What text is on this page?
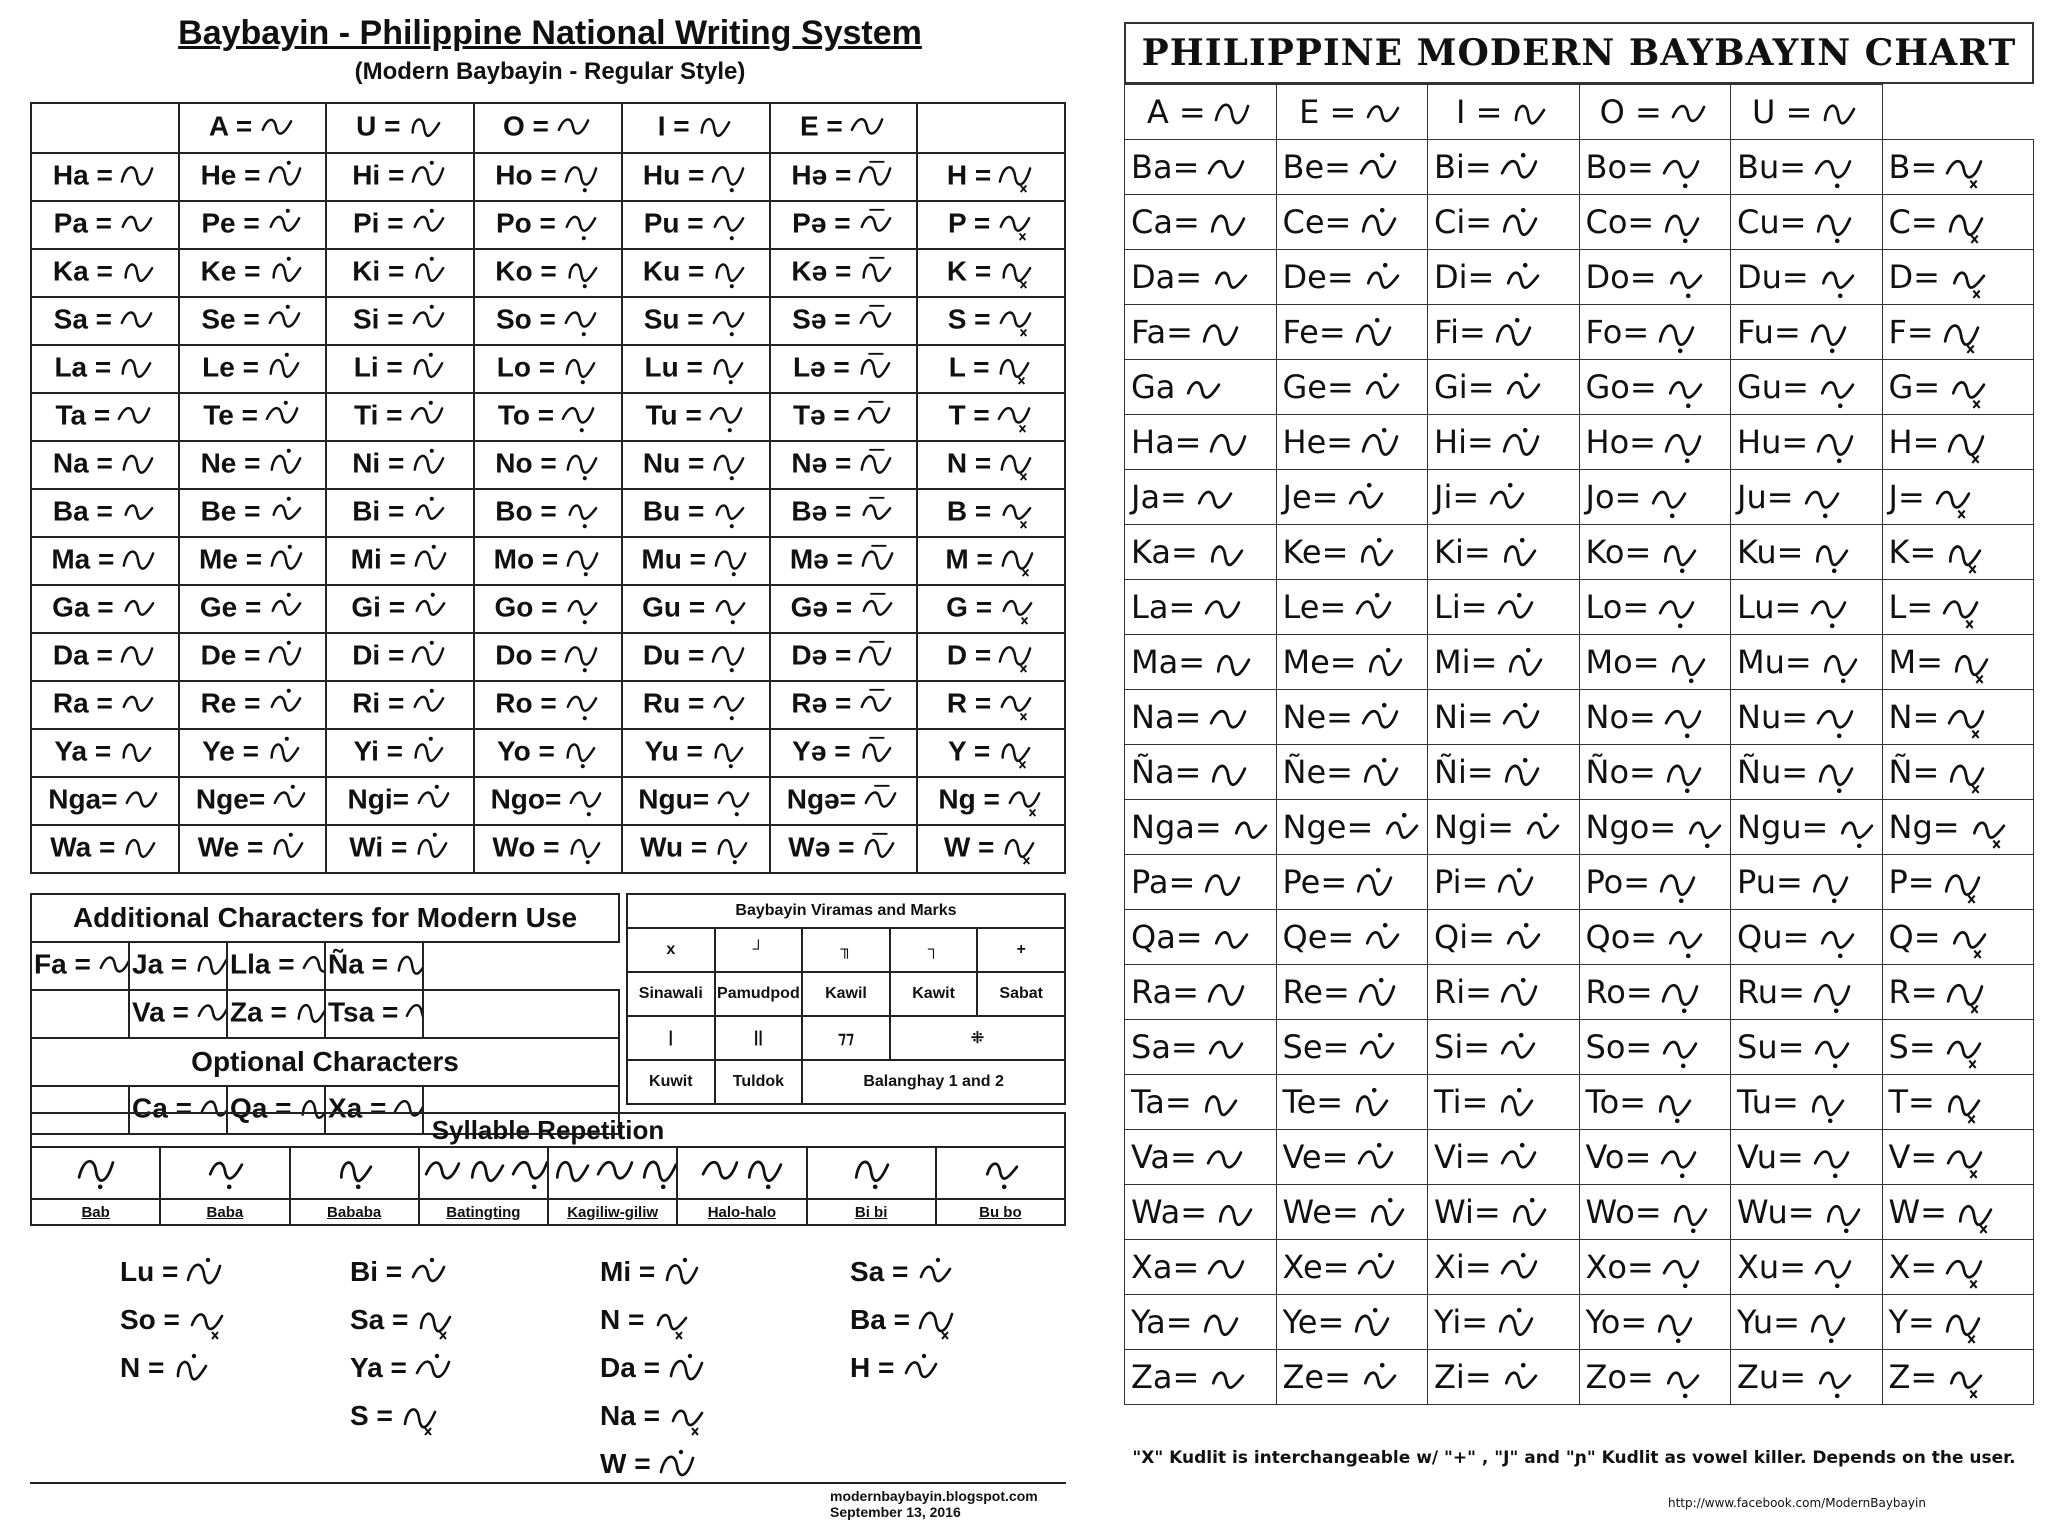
Baybayin - Philippine National Writing System
(Modern Baybayin - Regular Style)
	A =	U =	O =	I =	E =

Ha =	He =	Hi =	Ho =	Hu =	Hə =	H =

Pa =	Pe =	Pi =	Po =	Pu =	Pə =	P =

Ka =	Ke =	Ki =	Ko =	Ku =	Kə =	K =

Sa =	Se =	Si =	So =	Su =	Sə =	S =

La =	Le =	Li =	Lo =	Lu =	Lə =	L =

Ta =	Te =	Ti =	To =	Tu =	Tə =	T =

Na =	Ne =	Ni =	No =	Nu =	Nə =	N =

Ba =	Be =	Bi =	Bo =	Bu =	Bə =	B =

Ma =	Me =	Mi =	Mo =	Mu =	Mə =	M =

Ga =	Ge =	Gi =	Go =	Gu =	Gə =	G =

Da =	De =	Di =	Do =	Du =	Də =	D =

Ra =	Re =	Ri =	Ro =	Ru =	Rə =	R =

Ya =	Ye =	Yi =	Yo =	Yu =	Yə =	Y =

Nga=	Nge=	Ngi=	Ngo=	Ngu=	Ngə=	Ng =

Wa =	We =	Wi =	Wo =	Wu =	Wə =	W =
Additional Characters for Modern Use				
Fa =	Ja =	Lla =	Ña =	

	Va =	Za =	Tsa =

Optional Characters				
	Ca =	Qa =	Xa =

Baybayin Viramas and Marks				
x	┘	╖	┐	+
Sinawali	Pamudpod	Kawil	Kawit	Sabat
|	||	⁊⁊	⁜	
Kuwit	Tuldok	Balanghay 1 and 2		
Syllable Repetition							

Bab	Baba	Bababa	Batingting	Kagiliw-giliw	Halo-halo	Bi bi	Bu bo
Lu =
So =
N =
Bi =
Sa =
Ya =
S =
Mi =
N =
Da =
Na =
W =
Sa =
Ba =
H =
modernbaybayin.blogspot.com
September 13, 2016
PHILIPPINE MODERN BAYBAYIN CHART
A =	E =	I =	O =	U =

Ba=	Be=	Bi=	Bo=	Bu=	B=

Ca=	Ce=	Ci=	Co=	Cu=	C=

Da=	De=	Di=	Do=	Du=	D=

Fa=	Fe=	Fi=	Fo=	Fu=	F=

Ga	Ge=	Gi=	Go=	Gu=	G=

Ha=	He=	Hi=	Ho=	Hu=	H=

Ja=	Je=	Ji=	Jo=	Ju=	J=

Ka=	Ke=	Ki=	Ko=	Ku=	K=

La=	Le=	Li=	Lo=	Lu=	L=

Ma=	Me=	Mi=	Mo=	Mu=	M=

Na=	Ne=	Ni=	No=	Nu=	N=

Ña=	Ñe=	Ñi=	Ño=	Ñu=	Ñ=

Nga=	Nge=	Ngi=	Ngo=	Ngu=	Ng=

Pa=	Pe=	Pi=	Po=	Pu=	P=

Qa=	Qe=	Qi=	Qo=	Qu=	Q=

Ra=	Re=	Ri=	Ro=	Ru=	R=

Sa=	Se=	Si=	So=	Su=	S=

Ta=	Te=	Ti=	To=	Tu=	T=

Va=	Ve=	Vi=	Vo=	Vu=	V=

Wa=	We=	Wi=	Wo=	Wu=	W=

Xa=	Xe=	Xi=	Xo=	Xu=	X=

Ya=	Ye=	Yi=	Yo=	Yu=	Y=

Za=	Ze=	Zi=	Zo=	Zu=	Z=
"X" Kudlit is interchangeable w/ "+" , "J" and "ɲ" Kudlit as vowel killer. Depends on the user.
http://www.facebook.com/ModernBaybayin
